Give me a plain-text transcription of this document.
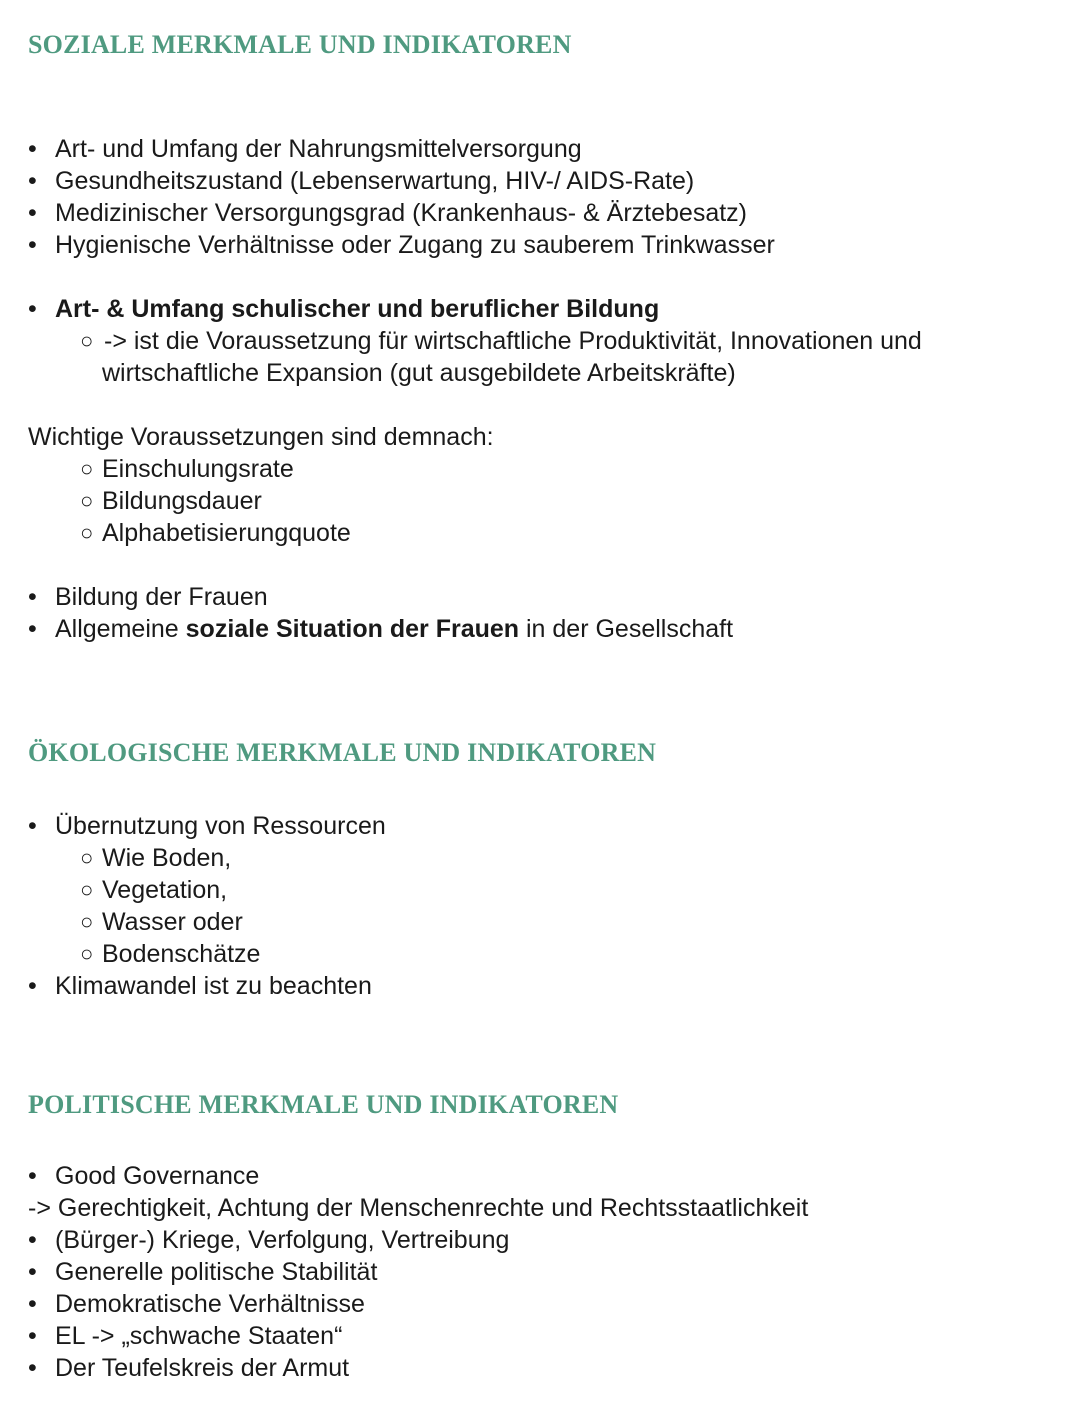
SOZIALE MERKMALE UND INDIKATOREN
• Art- und Umfang der Nahrungsmittelversorgung
• Gesundheitszustand (Lebenserwartung, HIV-/ AIDS-Rate)
• Medizinischer Versorgungsgrad (Krankenhaus- & Ärztebesatz)
• Hygienische Verhältnisse oder Zugang zu sauberem Trinkwasser
• Art- & Umfang schulischer und beruflicher Bildung
○ -> ist die Voraussetzung für wirtschaftliche Produktivität, Innovationen und
wirtschaftliche Expansion (gut ausgebildete Arbeitskräfte)
Wichtige Voraussetzungen sind demnach:
○ Einschulungsrate
○ Bildungsdauer
○ Alphabetisierungquote
• Bildung der Frauen
• Allgemeine soziale Situation der Frauen in der Gesellschaft
ÖKOLOGISCHE MERKMALE UND INDIKATOREN
• Übernutzung von Ressourcen
○ Wie Boden,
○ Vegetation,
○ Wasser oder
○ Bodenschätze
• Klimawandel ist zu beachten
POLITISCHE MERKMALE UND INDIKATOREN
• Good Governance
-> Gerechtigkeit, Achtung der Menschenrechte und Rechtsstaatlichkeit
• (Bürger-) Kriege, Verfolgung, Vertreibung
• Generelle politische Stabilität
• Demokratische Verhältnisse
• EL -> „schwache Staaten“
• Der Teufelskreis der Armut
